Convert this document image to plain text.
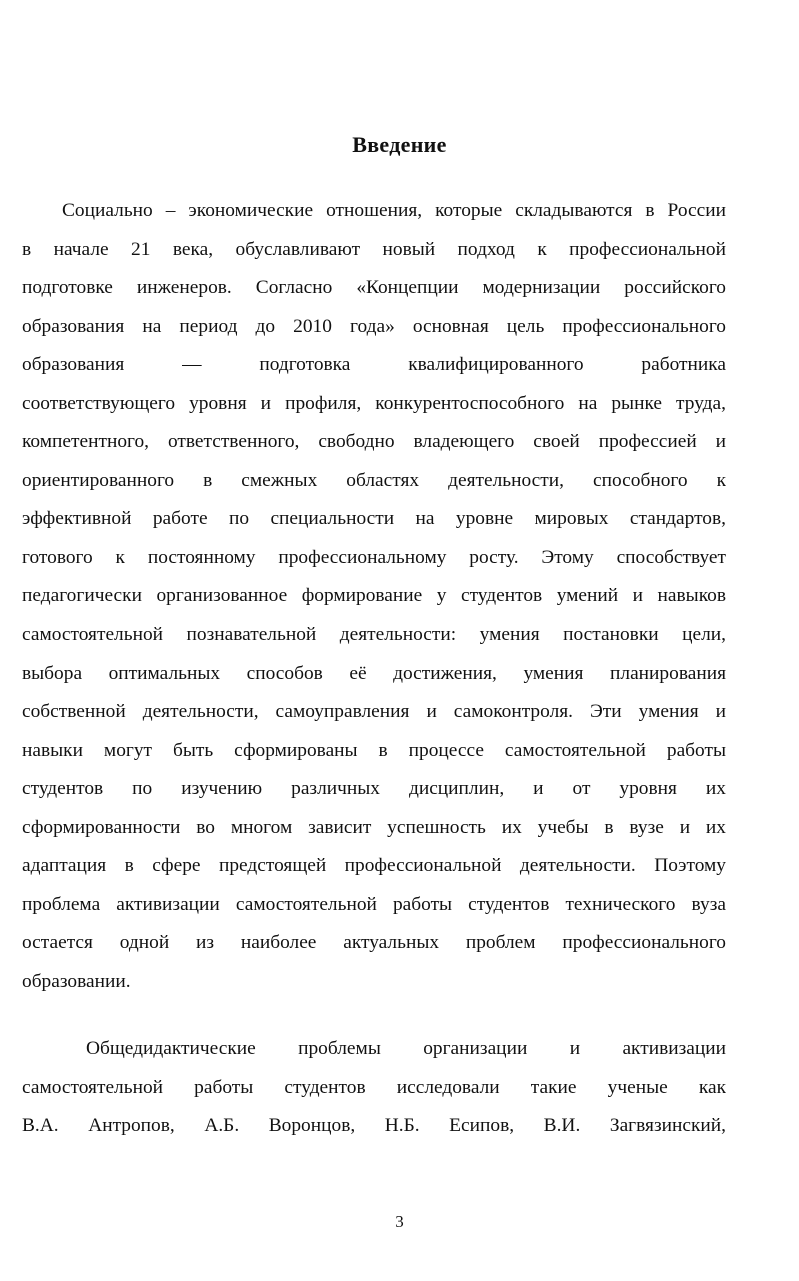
Введение
Социально – экономические отношения, которые складываются в России
в начале 21 века, обуславливают новый подход к профессиональной
подготовке инженеров. Согласно «Концепции модернизации российского
образования на период до 2010 года» основная цель профессионального
образования — подготовка квалифицированного работника
соответствующего уровня и профиля, конкурентоспособного на рынке труда,
компетентного, ответственного, свободно владеющего своей профессией и
ориентированного в смежных областях деятельности, способного к
эффективной работе по специальности на уровне мировых стандартов,
готового к постоянному профессиональному росту. Этому способствует
педагогически организованное формирование у студентов умений и навыков
самостоятельной познавательной деятельности: умения постановки цели,
выбора оптимальных способов её достижения, умения планирования
собственной деятельности, самоуправления и самоконтроля. Эти умения и
навыки могут быть сформированы в процессе самостоятельной работы
студентов по изучению различных дисциплин, и от уровня их
сформированности во многом зависит успешность их учебы в вузе и их
адаптация в сфере предстоящей профессиональной деятельности. Поэтому
проблема активизации самостоятельной работы студентов технического вуза
остается одной из наиболее актуальных проблем профессионального
образовании.
Общедидактические проблемы организации и активизации
самостоятельной работы студентов исследовали такие ученые как
В.А. Антропов, А.Б. Воронцов, Н.Б. Есипов, В.И. Загвязинский,
3
